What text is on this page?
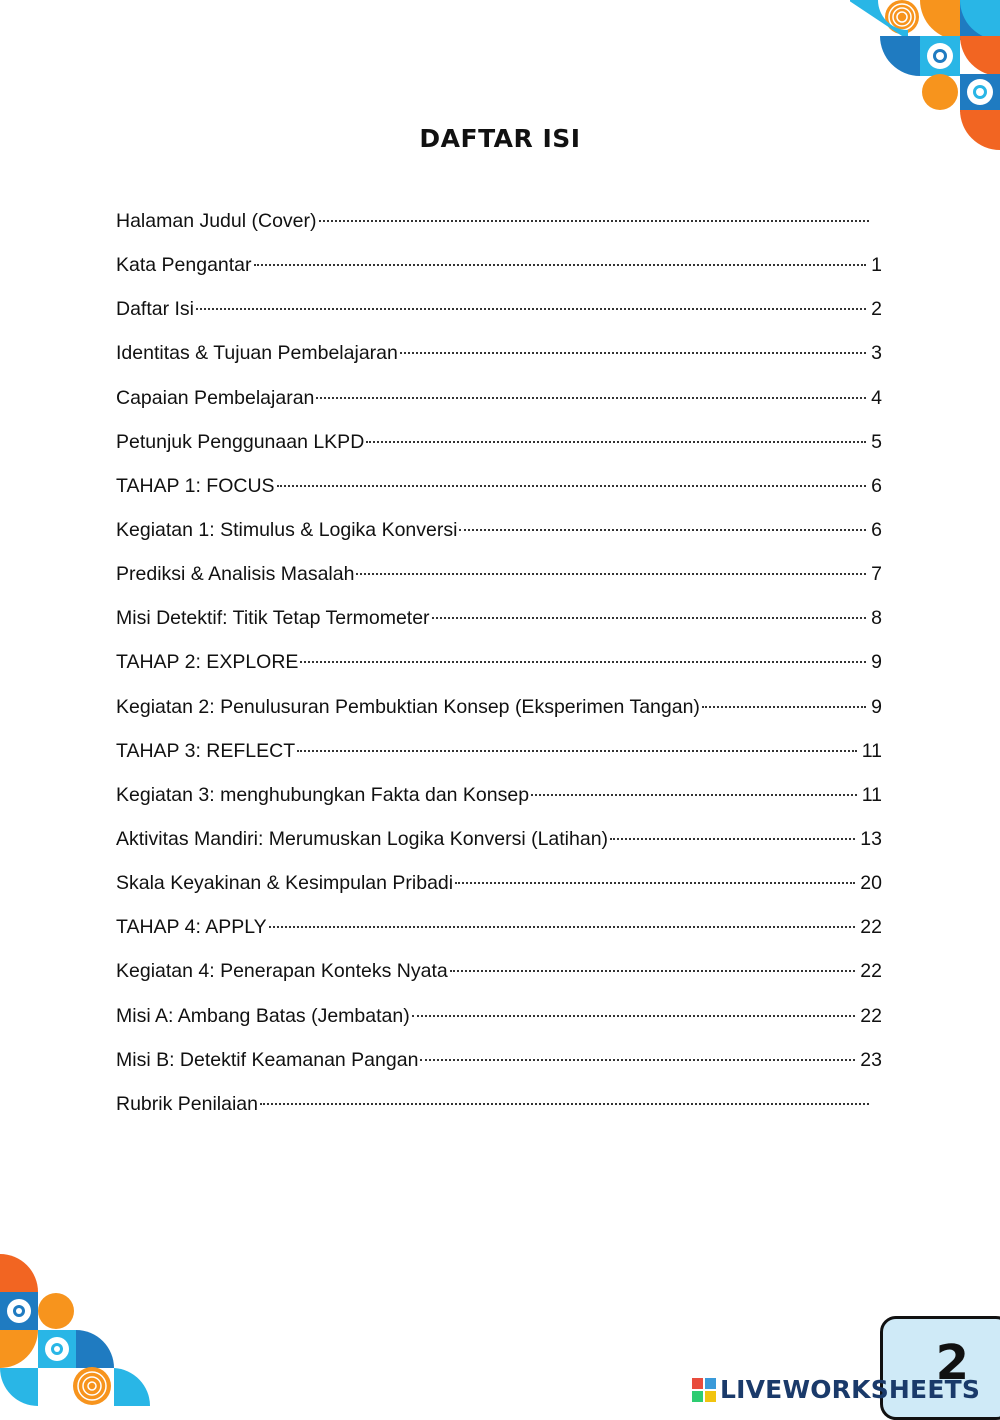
DAFTAR ISI
Halaman Judul (Cover)
Kata Pengantar	1
Daftar Isi	2
Identitas & Tujuan Pembelajaran	3
Capaian Pembelajaran	4
Petunjuk Penggunaan LKPD	5
TAHAP 1: FOCUS	6
Kegiatan 1: Stimulus & Logika Konversi	6
Prediksi & Analisis Masalah	7
Misi Detektif: Titik Tetap Termometer	8
TAHAP 2: EXPLORE	9
Kegiatan 2: Penulusuran Pembuktian Konsep (Eksperimen Tangan)	9
TAHAP 3: REFLECT	11
Kegiatan 3: menghubungkan Fakta dan Konsep	11
Aktivitas Mandiri: Merumuskan Logika Konversi (Latihan)	13
Skala Keyakinan & Kesimpulan Pribadi	20
TAHAP 4: APPLY	22
Kegiatan 4: Penerapan Konteks Nyata	22
Misi A: Ambang Batas (Jembatan)	22
Misi B: Detektif Keamanan Pangan	23
Rubrik Penilaian
2
LIVEWORKSHEETS
